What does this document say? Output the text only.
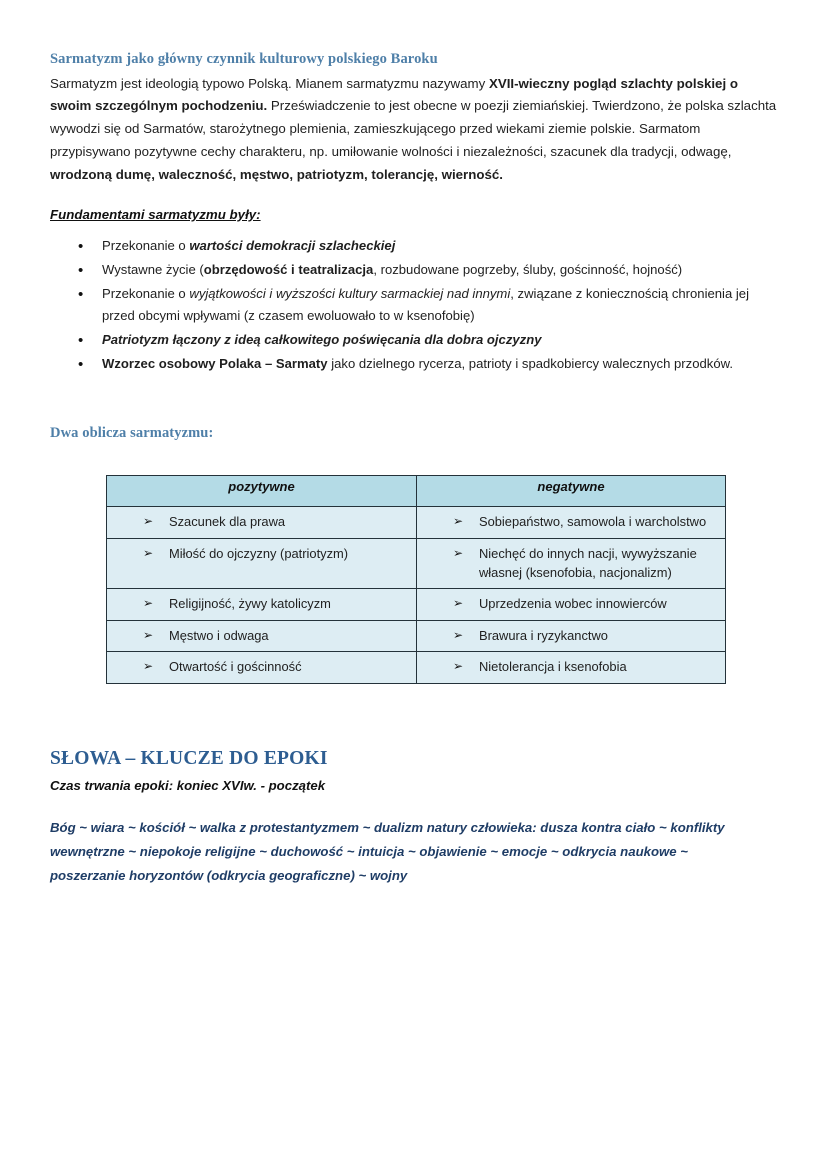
Sarmatyzm jako główny czynnik kulturowy polskiego Baroku

Sarmatyzm jest ideologią typowo Polską. Mianem sarmatyzmu nazywamy XVII-wieczny pogląd szlachty polskiej o swoim szczególnym pochodzeniu. Przeświadczenie to jest obecne w poezji ziemiańskiej. Twierdzono, że polska szlachta wywodzi się od Sarmatów, starożytnego plemienia, zamieszkującego przed wiekami ziemie polskie. Sarmatom przypisywano pozytywne cechy charakteru, np. umiłowanie wolności i niezależności, szacunek dla tradycji, odwagę, wrodzoną dumę, waleczność, męstwo, patriotyzm, tolerancję, wierność.

Fundamentami sarmatyzmu były:

• Przekonanie o wartości demokracji szlacheckiej
• Wystawne życie (obrzędowość i teatralizacja, rozbudowane pogrzeby, śluby, gościnność, hojność)
• Przekonanie o wyjątkowości i wyższości kultury sarmackiej nad innymi, związane z koniecznością chronienia jej przed obcymi wpływami (z czasem ewoluowało to w ksenofobię)
• Patriotyzm łączony z ideą całkowitego poświęcania dla dobra ojczyzny
• Wzorzec osobowy Polaka – Sarmaty jako dzielnego rycerza, patrioty i spadkobiercy walecznych przodków.
Dwa oblicza sarmatyzmu:
pozytywne	negatywne

➢ Szacunek dla prawa	➢ Sobiepaństwo, samowola i warcholstwo

➢ Miłość do ojczyzny (patriotyzm)	➢ Niechęć do innych nacji, wywyższanie własnej (ksenofobia, nacjonalizm)

➢ Religijność, żywy katolicyzm	➢ Uprzedzenia wobec innowierców

➢ Męstwo i odwaga	➢ Brawura i ryzykanctwo

➢ Otwartość i gościnność	➢ Nietolerancja i ksenofobia
SŁOWA – KLUCZE DO EPOKI

Czas trwania epoki: koniec XVIw. - początek

Bóg ~ wiara ~ kościół ~ walka z protestantyzmem ~ dualizm natury człowieka: dusza kontra ciało ~ konflikty wewnętrzne ~ niepokoje religijne ~ duchowość ~ intuicja ~ objawienie ~ emocje ~ odkrycia naukowe ~ poszerzanie horyzontów (odkrycia geograficzne) ~ wojny
